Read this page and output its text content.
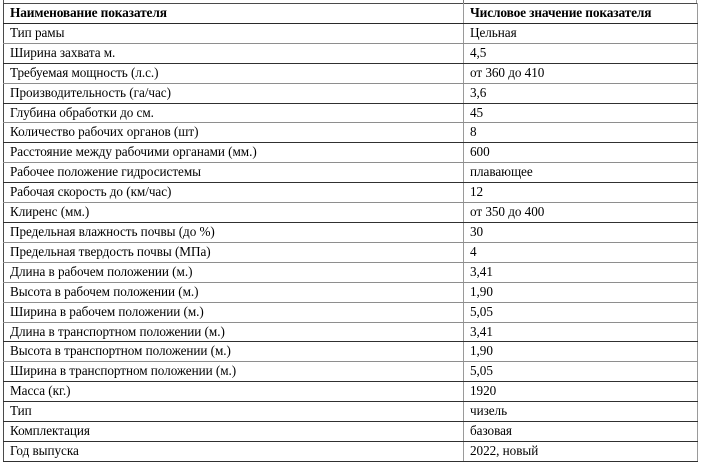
Наименование показателя	Числовое значение показателя
Тип рамы	Цельная
Ширина захвата м.	4,5
Требуемая мощность (л.с.)	от 360 до 410
Производительность (га/час)	3,6
Глубина обработки до см.	45
Количество рабочих органов (шт)	8
Расстояние между рабочими органами (мм.)	600
Рабочее положение гидросистемы	плавающее
Рабочая скорость до (км/час)	12
Клиренс (мм.)	от 350 до 400
Предельная влажность почвы (до %)	30
Предельная твердость почвы (МПа)	4
Длина в рабочем положении (м.)	3,41
Высота в рабочем положении (м.)	1,90
Ширина в рабочем положении (м.)	5,05
Длина в транспортном положении (м.)	3,41
Высота в транспортном положении (м.)	1,90
Ширина в транспортном положении (м.)	5,05
Масса (кг.)	1920
Тип	чизель
Комплектация	базовая
Год выпуска	2022, новый
